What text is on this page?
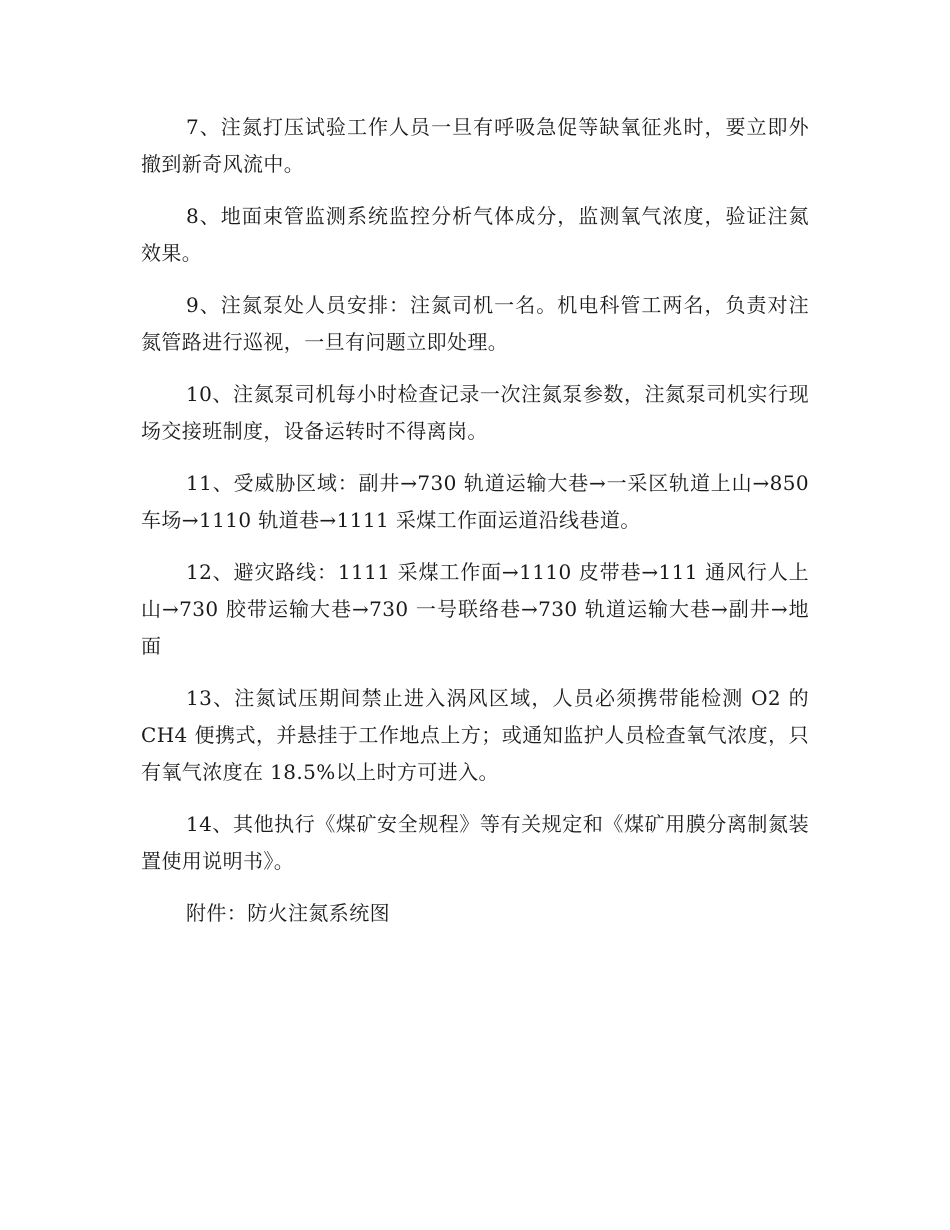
7、注氮打压试验工作人员一旦有呼吸急促等缺氧征兆时，要立即外撤到新奇风流中。

8、地面束管监测系统监控分析气体成分，监测氧气浓度，验证注氮效果。

9、注氮泵处人员安排：注氮司机一名。机电科管工两名，负责对注氮管路进行巡视，一旦有问题立即处理。

10、注氮泵司机每小时检查记录一次注氮泵参数，注氮泵司机实行现场交接班制度，设备运转时不得离岗。

11、受威胁区域：副井→730 轨道运输大巷→一采区轨道上山→850 车场→1110 轨道巷→1111 采煤工作面运道沿线巷道。

12、避灾路线：1111 采煤工作面→1110 皮带巷→111 通风行人上山→730 胶带运输大巷→730 一号联络巷→730 轨道运输大巷→副井→地面

13、注氮试压期间禁止进入涡风区域，人员必须携带能检测 O2 的CH4 便携式，并悬挂于工作地点上方；或通知监护人员检查氧气浓度，只有氧气浓度在 18.5%以上时方可进入。

14、其他执行《煤矿安全规程》等有关规定和《煤矿用膜分离制氮装置使用说明书》。

附件：防火注氮系统图
